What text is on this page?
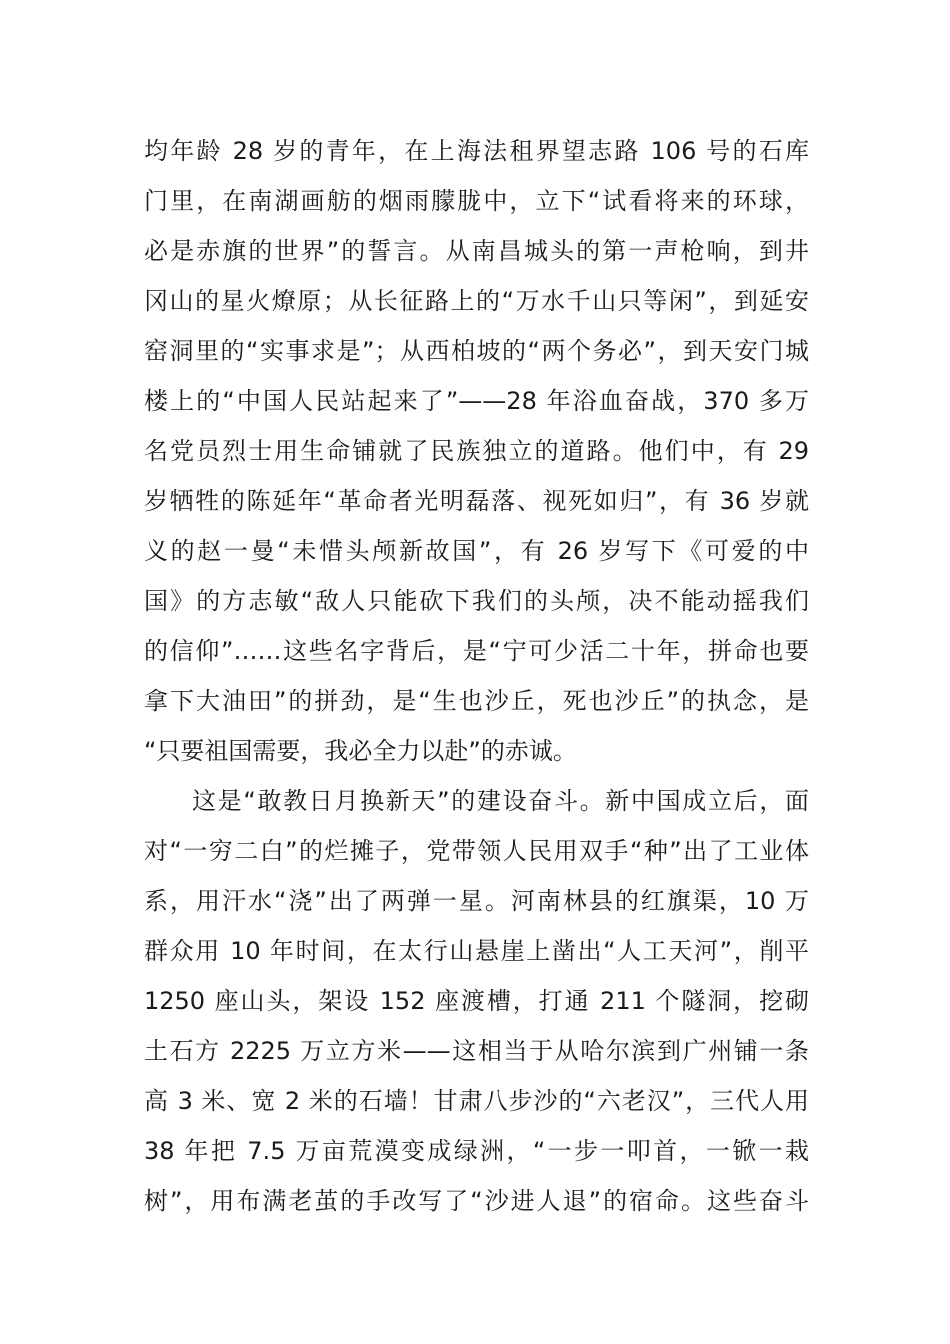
均年龄 28 岁的青年，在上海法租界望志路 106 号的石库
门里，在南湖画舫的烟雨朦胧中，立下“试看将来的环球，
必是赤旗的世界”的誓言。从南昌城头的第一声枪响，到井
冈山的星火燎原；从长征路上的“万水千山只等闲”，到延安
窑洞里的“实事求是”；从西柏坡的“两个务必”，到天安门城
楼上的“中国人民站起来了”——28 年浴血奋战，370 多万
名党员烈士用生命铺就了民族独立的道路。他们中，有 29
岁牺牲的陈延年“革命者光明磊落、视死如归”，有 36 岁就
义的赵一曼“未惜头颅新故国”，有 26 岁写下《可爱的中
国》的方志敏“敌人只能砍下我们的头颅，决不能动摇我们
的信仰”……这些名字背后，是“宁可少活二十年，拼命也要
拿下大油田”的拼劲，是“生也沙丘，死也沙丘”的执念，是
“只要祖国需要，我必全力以赴”的赤诚。
这是“敢教日月换新天”的建设奋斗。新中国成立后，面
对“一穷二白”的烂摊子，党带领人民用双手“种”出了工业体
系，用汗水“浇”出了两弹一星。河南林县的红旗渠，10 万
群众用 10 年时间，在太行山悬崖上凿出“人工天河”，削平
1250 座山头，架设 152 座渡槽，打通 211 个隧洞，挖砌
土石方 2225 万立方米——这相当于从哈尔滨到广州铺一条
高 3 米、宽 2 米的石墙！甘肃八步沙的“六老汉”，三代人用
38 年把 7.5 万亩荒漠变成绿洲，“一步一叩首，一锨一栽
树”，用布满老茧的手改写了“沙进人退”的宿命。这些奋斗
